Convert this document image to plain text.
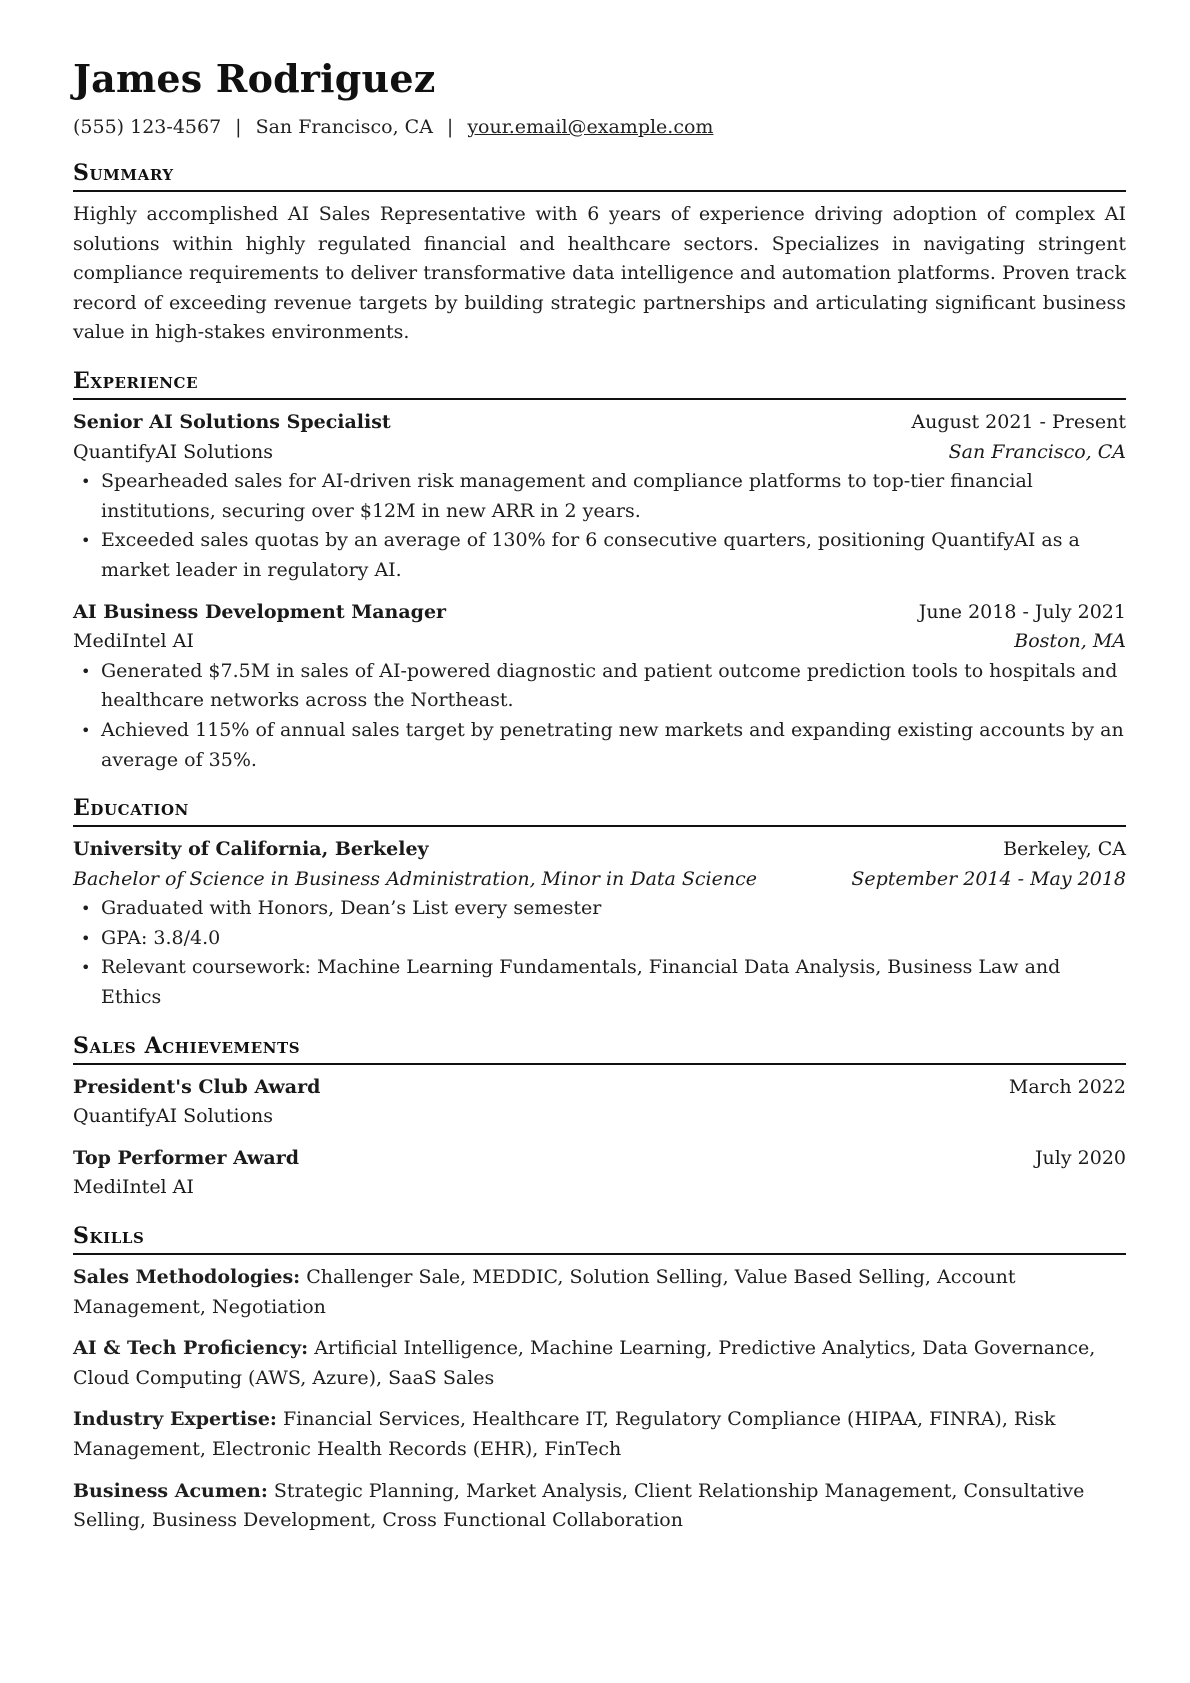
James Rodriguez
(555) 123-4567 | San Francisco, CA | your.email@example.com
Summary
Highly accomplished AI Sales Representative with 6 years of experience driving adoption of complex AI solutions within highly regulated financial and healthcare sectors. Specializes in navigating stringent compliance requirements to deliver transformative data intelligence and automation platforms. Proven track record of exceeding revenue targets by building strategic partnerships and articulating significant business value in high-stakes environments.
Experience
Senior AI Solutions Specialist	August 2021 - Present
QuantifyAI Solutions	San Francisco, CA
• Spearheaded sales for AI-driven risk management and compliance platforms to top-tier financial institutions, securing over $12M in new ARR in 2 years.
• Exceeded sales quotas by an average of 130% for 6 consecutive quarters, positioning QuantifyAI as a market leader in regulatory AI.
AI Business Development Manager	June 2018 - July 2021
MediIntel AI	Boston, MA
• Generated $7.5M in sales of AI-powered diagnostic and patient outcome prediction tools to hospitals and healthcare networks across the Northeast.
• Achieved 115% of annual sales target by penetrating new markets and expanding existing accounts by an average of 35%.
Education
University of California, Berkeley	Berkeley, CA
Bachelor of Science in Business Administration, Minor in Data Science	September 2014 - May 2018
• Graduated with Honors, Dean’s List every semester
• GPA: 3.8/4.0
• Relevant coursework: Machine Learning Fundamentals, Financial Data Analysis, Business Law and Ethics
Sales Achievements
President's Club Award	March 2022
QuantifyAI Solutions
Top Performer Award	July 2020
MediIntel AI
Skills
Sales Methodologies: Challenger Sale, MEDDIC, Solution Selling, Value Based Selling, Account Management, Negotiation
AI & Tech Proficiency: Artificial Intelligence, Machine Learning, Predictive Analytics, Data Governance, Cloud Computing (AWS, Azure), SaaS Sales
Industry Expertise: Financial Services, Healthcare IT, Regulatory Compliance (HIPAA, FINRA), Risk Management, Electronic Health Records (EHR), FinTech
Business Acumen: Strategic Planning, Market Analysis, Client Relationship Management, Consultative Selling, Business Development, Cross Functional Collaboration
